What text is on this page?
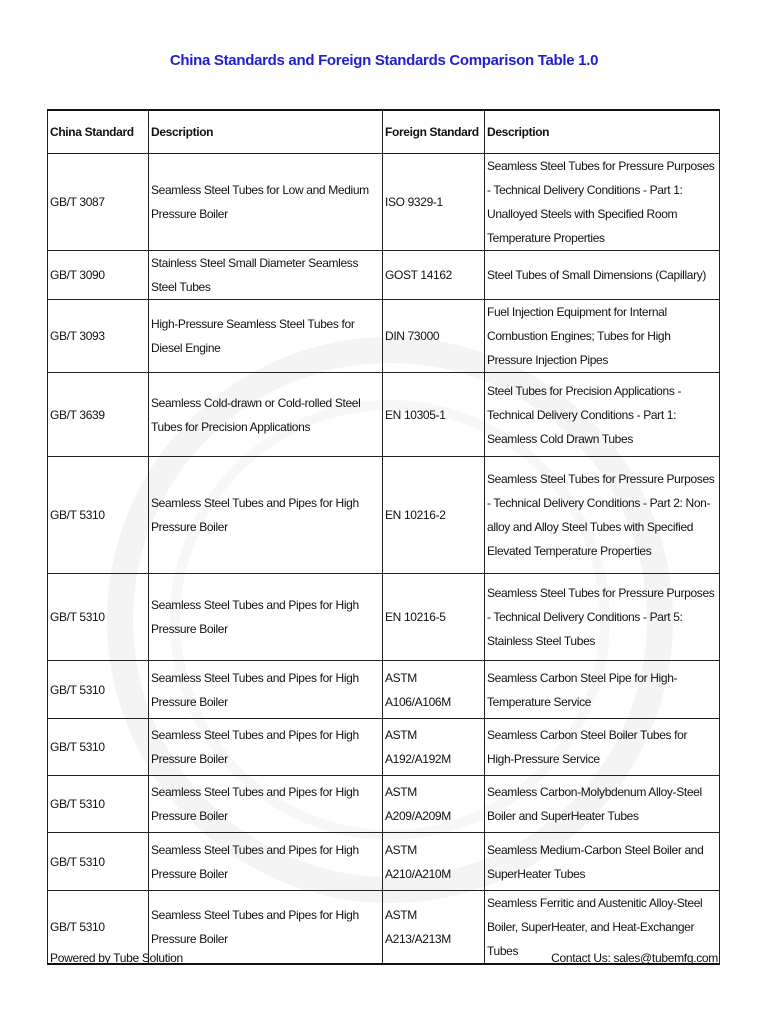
China Standards and Foreign Standards Comparison Table 1.0
China Standard	Description	Foreign Standard	Description
GB/T 3087	Seamless Steel Tubes for Low and Medium Pressure Boiler	ISO 9329-1	Seamless Steel Tubes for Pressure Purposes - Technical Delivery Conditions - Part 1: Unalloyed Steels with Specified Room Temperature Properties
GB/T 3090	Stainless Steel Small Diameter Seamless Steel Tubes	GOST 14162	Steel Tubes of Small Dimensions (Capillary)
GB/T 3093	High-Pressure Seamless Steel Tubes for Diesel Engine	DIN 73000	Fuel Injection Equipment for Internal Combustion Engines; Tubes for High Pressure Injection Pipes
GB/T 3639	Seamless Cold-drawn or Cold-rolled Steel Tubes for Precision Applications	EN 10305-1	Steel Tubes for Precision Applications - Technical Delivery Conditions - Part 1: Seamless Cold Drawn Tubes
GB/T 5310	Seamless Steel Tubes and Pipes for High Pressure Boiler	EN 10216-2	Seamless Steel Tubes for Pressure Purposes - Technical Delivery Conditions - Part 2: Non-alloy and Alloy Steel Tubes with Specified Elevated Temperature Properties
GB/T 5310	Seamless Steel Tubes and Pipes for High Pressure Boiler	EN 10216-5	Seamless Steel Tubes for Pressure Purposes - Technical Delivery Conditions - Part 5: Stainless Steel Tubes
GB/T 5310	Seamless Steel Tubes and Pipes for High Pressure Boiler	ASTM A106/A106M	Seamless Carbon Steel Pipe for High-Temperature Service
GB/T 5310	Seamless Steel Tubes and Pipes for High Pressure Boiler	ASTM A192/A192M	Seamless Carbon Steel Boiler Tubes for High-Pressure Service
GB/T 5310	Seamless Steel Tubes and Pipes for High Pressure Boiler	ASTM A209/A209M	Seamless Carbon-Molybdenum Alloy-Steel Boiler and SuperHeater Tubes
GB/T 5310	Seamless Steel Tubes and Pipes for High Pressure Boiler	ASTM A210/A210M	Seamless Medium-Carbon Steel Boiler and SuperHeater Tubes
GB/T 5310	Seamless Steel Tubes and Pipes for High Pressure Boiler	ASTM A213/A213M	Seamless Ferritic and Austenitic Alloy-Steel Boiler, SuperHeater, and Heat-Exchanger Tubes
Powered by Tube Solution	Contact Us: sales@tubemfg.com
